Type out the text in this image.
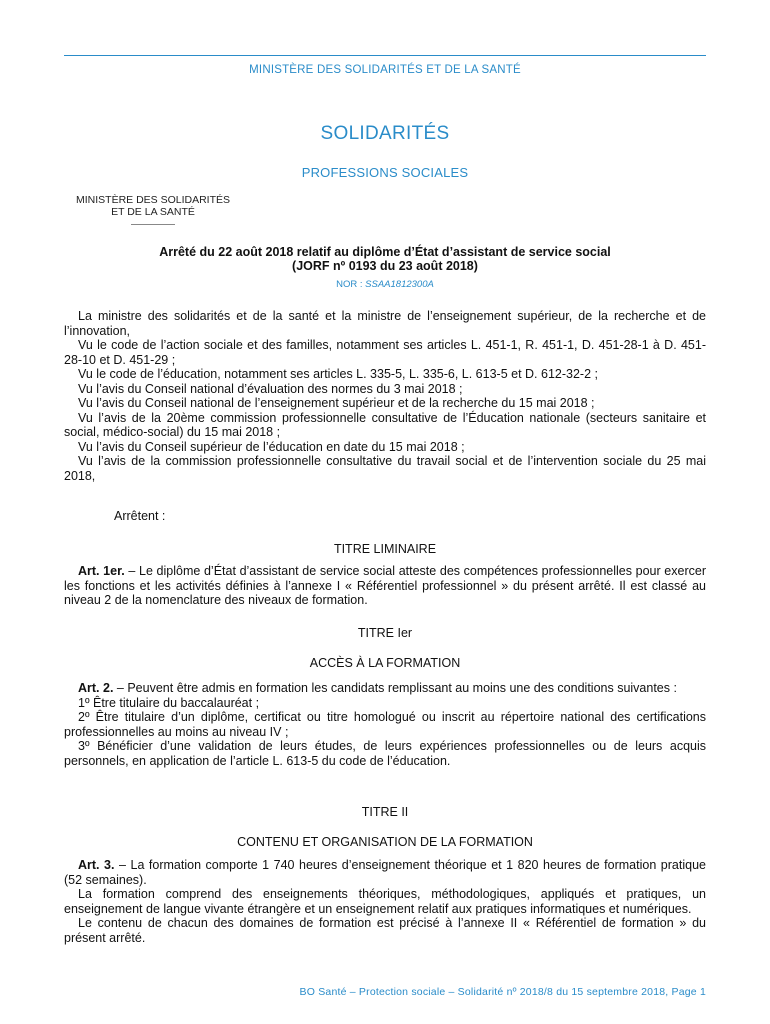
MINISTÈRE DES SOLIDARITÉS ET DE LA SANTÉ
SOLIDARITÉS
PROFESSIONS SOCIALES
MINISTÈRE DES SOLIDARITÉS
ET DE LA SANTÉ
Arrêté du 22 août 2018 relatif au diplôme d’État d’assistant de service social
(JORF nº 0193 du 23 août 2018)
NOR : SSAA1812300A

La ministre des solidarités et de la santé et la ministre de l’enseignement supérieur, de la recherche et de l’innovation,

Vu le code de l’action sociale et des familles, notamment ses articles L. 451-1, R. 451-1, D. 451-28-1 à D. 451-28-10 et D. 451-29 ;

Vu le code de l’éducation, notamment ses articles L. 335-5, L. 335-6, L. 613-5 et D. 612-32-2 ;

Vu l’avis du Conseil national d’évaluation des normes du 3 mai 2018 ;

Vu l’avis du Conseil national de l’enseignement supérieur et de la recherche du 15 mai 2018 ;

Vu l’avis de la 20ème commission professionnelle consultative de l’Éducation nationale (secteurs sanitaire et social, médico-social) du 15 mai 2018 ;

Vu l’avis du Conseil supérieur de l’éducation en date du 15 mai 2018 ;

Vu l’avis de la commission professionnelle consultative du travail social et de l’intervention sociale du 25 mai 2018,

Arrêtent :
TITRE LIMINAIRE

Art. 1er. – Le diplôme d’État d’assistant de service social atteste des compétences professionnelles pour exercer les fonctions et les activités définies à l’annexe I « Référentiel professionnel » du présent arrêté. Il est classé au niveau 2 de la nomenclature des niveaux de formation.

TITRE Ier
ACCÈS À LA FORMATION

Art. 2. – Peuvent être admis en formation les candidats remplissant au moins une des conditions suivantes :

1º Être titulaire du baccalauréat ;

2º Être titulaire d’un diplôme, certificat ou titre homologué ou inscrit au répertoire national des certifications professionnelles au moins au niveau IV ;

3º Bénéficier d’une validation de leurs études, de leurs expériences professionnelles ou de leurs acquis personnels, en application de l’article L. 613-5 du code de l’éducation.

TITRE II
CONTENU ET ORGANISATION DE LA FORMATION

Art. 3. – La formation comporte 1 740 heures d’enseignement théorique et 1 820 heures de formation pratique (52 semaines).

La formation comprend des enseignements théoriques, méthodologiques, appliqués et pratiques, un enseignement de langue vivante étrangère et un enseignement relatif aux pratiques informatiques et numériques.

Le contenu de chacun des domaines de formation est précisé à l’annexe II « Référentiel de formation » du présent arrêté.

BO Santé – Protection sociale – Solidarité nº 2018/8 du 15 septembre 2018, Page 1
